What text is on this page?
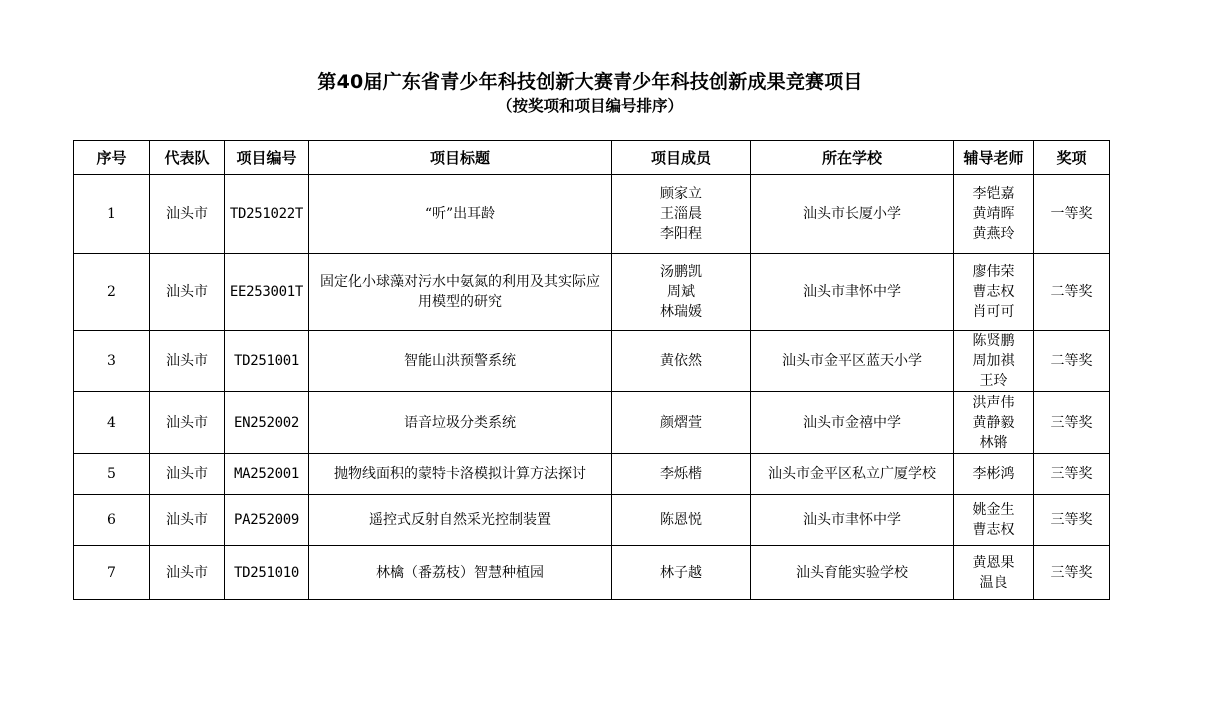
第40届广东省青少年科技创新大赛青少年科技创新成果竞赛项目
（按奖项和项目编号排序）
序号	代表队	项目编号	项目标题	项目成员	所在学校	辅导老师	奖项
1	汕头市	TD251022T	“听”出耳龄	顾家立
王淄晨
李阳程	汕头市长厦小学	李铠嘉
黄靖晖
黄燕玲	一等奖
2	汕头市	EE253001T	固定化小球藻对污水中氨氮的利用及其实际应用模型的研究	汤鹏凯
周斌
林瑞媛	汕头市聿怀中学	廖伟荣
曹志权
肖可可	二等奖
3	汕头市	TD251001	智能山洪预警系统	黄依然	汕头市金平区蓝天小学	陈贤鹏
周加祺
王玲	二等奖
4	汕头市	EN252002	语音垃圾分类系统	颜熠萱	汕头市金禧中学	洪声伟
黄静毅
林锵	三等奖
5	汕头市	MA252001	抛物线面积的蒙特卡洛模拟计算方法探讨	李烁楷	汕头市金平区私立广厦学校	李彬鸿	三等奖
6	汕头市	PA252009	遥控式反射自然采光控制装置	陈恩悦	汕头市聿怀中学	姚金生
曹志权	三等奖
7	汕头市	TD251010	林檎（番荔枝）智慧种植园	林子越	汕头育能实验学校	黄恩果
温良	三等奖
